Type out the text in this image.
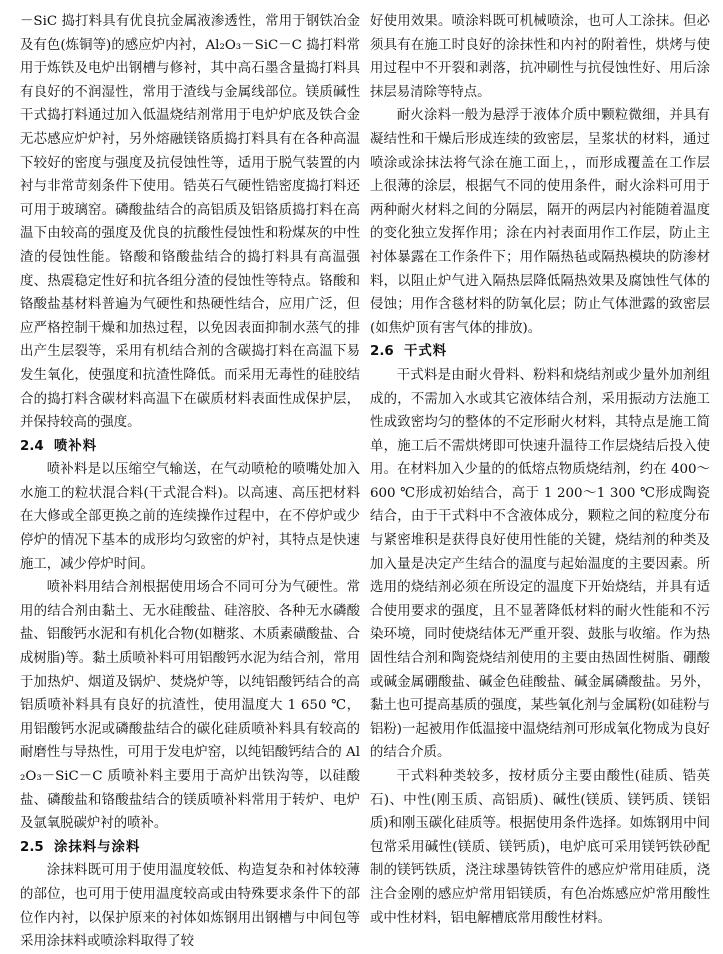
－SiC 捣打料具有优良抗金属液渗透性，常用于钢铁冶金及有色(炼铜等)的感应炉内衬，Al₂O₃－SiC－C 捣打料常用于炼铁及电炉出钢槽与修衬，其中高石墨含量捣打料具有良好的不润湿性，常用于渣线与金属线部位。镁质碱性干式捣打料通过加入低温烧结剂常用于电炉炉底及铁合金无芯感应炉炉衬，另外熔融镁铬质捣打料具有在各种高温下较好的密度与强度及抗侵蚀性等，适用于脱气装置的内衬与非常苛刻条件下使用。锆英石气硬性锆密度捣打料还可用于玻璃窑。磷酸盐结合的高铝质及铝铬质捣打料在高温下由较高的强度及优良的抗酸性侵蚀性和粉煤灰的中性渣的侵蚀性能。铬酸和铬酸盐结合的捣打料具有高温强度、热震稳定性好和抗各组分渣的侵蚀性等特点。铬酸和铬酸盐基材料普遍为气硬性和热硬性结合，应用广泛，但应严格控制干燥和加热过程，以免因表面抑制水蒸气的排出产生层裂等，采用有机结合剂的含碳捣打料在高温下易发生氧化，使强度和抗渣性降低。而采用无毒性的硅胶结合的捣打料含碳材料高温下在碳质材料表面性成保护层，并保持较高的强度。

2.4 喷补料

喷补料是以压缩空气输送，在气动喷枪的喷嘴处加入水施工的粒状混合料(干式混合料)。以高速、高压把材料在大修或全部更换之前的连续操作过程中，在不停炉或少停炉的情况下基本的成形均匀致密的炉衬，其特点是快速施工，减少停炉时间。

喷补料用结合剂根据使用场合不同可分为气硬性。常用的结合剂由黏土、无水硅酸盐、硅溶胶、各种无水磷酸盐、铝酸钙水泥和有机化合物(如糖浆、木质素磺酸盐、合成树脂)等。黏土质喷补料可用铝酸钙水泥为结合剂，常用于加热炉、烟道及锅炉、焚烧炉等，以纯铝酸钙结合的高铝质喷补料具有良好的抗渣性，使用温度大 1 650 ℃，用铝酸钙水泥或磷酸盐结合的碳化硅质喷补料具有较高的耐磨性与导热性，可用于发电炉窑，以纯铝酸钙结合的 Al₂O₃－SiC－C 质喷补料主要用于高炉出铁沟等，以硅酸盐、磷酸盐和铬酸盐结合的镁质喷补料常用于转炉、电炉及氩氧脱碳炉衬的喷补。

2.5 涂抹料与涂料

涂抹料既可用于使用温度较低、构造复杂和衬体较薄的部位，也可用于使用温度较高或由特殊要求条件下的部位作内衬，以保护原来的衬体如炼钢用出钢槽与中间包等采用涂抹料或喷涂料取得了较

好使用效果。喷涂料既可机械喷涂，也可人工涂抹。但必须具有在施工时良好的涂抹性和内衬的附着性，烘烤与使用过程中不开裂和剥落，抗冲刷性与抗侵蚀性好、用后涂抹层易清除等特点。

耐火涂料一般为悬浮于液体介质中颗粒微细，并具有凝结性和干燥后形成连续的致密层，呈浆状的材料，通过喷涂或涂抹法将气涂在施工面上，，而形成覆盖在工作层上很薄的涂层，根据气不同的使用条件，耐火涂料可用于两种耐火材料之间的分隔层，隔开的两层内衬能随着温度的变化独立发挥作用；涂在内衬表面用作工作层，防止主衬体暴露在工作条件下；用作隔热毡或隔热模块的防渗材料，以阻止炉气进入隔热层降低隔热效果及腐蚀性气体的侵蚀；用作含毯材料的防氧化层；防止气体泄露的致密层(如焦炉顶有害气体的排放)。

2.6 干式料

干式料是由耐火骨料、粉料和烧结剂或少量外加剂组成的，不需加入水或其它液体结合剂，采用振动方法施工性成致密均匀的整体的不定形耐火材料，其特点是施工简单，施工后不需烘烤即可快速升温待工作层烧结后投入使用。在材料加入少量的的低熔点物质烧结剂，约在 400～600 ℃形成初始结合，高于 1 200～1 300 ℃形成陶瓷结合，由于干式料中不含液体成分，颗粒之间的粒度分布与紧密堆积是获得良好使用性能的关键，烧结剂的种类及加入量是决定产生结合的温度与起始温度的主要因素。所选用的烧结剂必须在所设定的温度下开始烧结，并具有适合使用要求的强度，且不显著降低材料的耐火性能和不污染环境，同时使烧结体无严重开裂、鼓胀与收缩。作为热固性结合剂和陶瓷烧结剂使用的主要由热固性树脂、硼酸或碱金属硼酸盐、碱金色硅酸盐、碱金属磷酸盐。另外，黏土也可提高基质的强度，某些氧化剂与金属粉(如硅粉与铝粉)一起被用作低温接中温烧结剂可形成氧化物成为良好的结合介质。

干式料种类较多，按材质分主要由酸性(硅质、锆英石)、中性(刚玉质、高铝质)、碱性(镁质、镁钙质、镁铝质)和刚玉碳化硅质等。根据使用条件选择。如炼钢用中间包常采用碱性(镁质、镁钙质)，电炉底可采用镁钙铁砂配制的镁钙铁质，浇注球墨铸铁管件的感应炉常用硅质，浇注合金刚的感应炉常用铝镁质，有色冶炼感应炉常用酸性或中性材料，铝电解槽底常用酸性材料。
